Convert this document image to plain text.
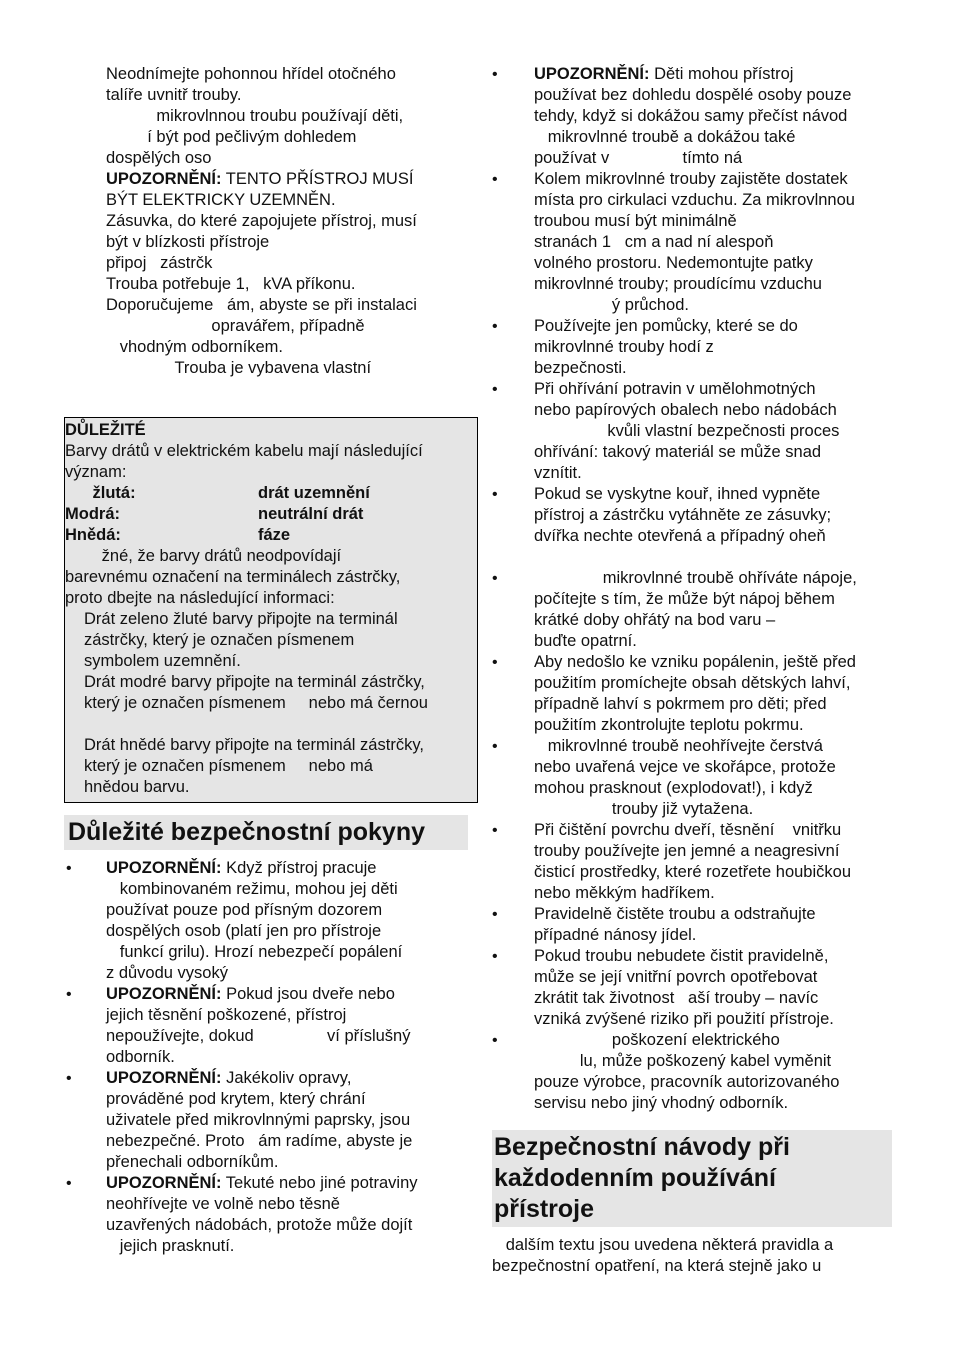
Neodnímejte pohonnou hřídel otočného
talíře uvnitř trouby.
mikrovlnnou troubu používají děti,
í být pod pečlivým dohledem
dospělých oso
UPOZORNĚNÍ: TENTO PŘÍSTROJ MUSÍ
BÝT ELEKTRICKY UZEMNĚN.
Zásuvka, do které zapojujete přístroj, musí
být v blízkosti přístroje
připoj   zástrčk
Trouba potřebuje 1,   kVA příkonu.
Doporučujeme   ám, abyste se při instalaci
opravářem, případně
vhodným odborníkem.
Trouba je vybavena vlastní
DŮLEŽITÉ
Barvy drátů v elektrickém kabelu mají následující
význam:
žlutá:	drát uzemnění
Modrá:	neutrální drát
Hnědá:	fáze
žné, že barvy drátů neodpovídají
barevnému označení na terminálech zástrčky,
proto dbejte na následující informaci:
Drát zeleno žluté barvy připojte na terminál
zástrčky, který je označen písmenem
symbolem uzemnění.
Drát modré barvy připojte na terminál zástrčky,
který je označen písmenem     nebo má černou

Drát hnědé barvy připojte na terminál zástrčky,
který je označen písmenem     nebo má
hnědou barvu.
Důležité bezpečnostní pokyny
• UPOZORNĚNÍ: Když přístroj pracuje
kombinovaném režimu, mohou jej děti
používat pouze pod přísným dozorem
dospělých osob (platí jen pro přístroje
funkcí grilu). Hrozí nebezpečí popálení
z důvodu vysoký
• UPOZORNĚNÍ: Pokud jsou dveře nebo
jejich těsnění poškozené, přístroj
nepoužívejte, dokud                ví příslušný
odborník.
• UPOZORNĚNÍ: Jakékoliv opravy,
prováděné pod krytem, který chrání
uživatele před mikrovlnnými paprsky, jsou
nebezpečné. Proto   ám radíme, abyste je
přenechali odborníkům.
• UPOZORNĚNÍ: Tekuté nebo jiné potraviny
neohřívejte ve volně nebo těsně
uzavřených nádobách, protože může dojít
jejich prasknutí.
• UPOZORNĚNÍ: Děti mohou přístroj
používat bez dohledu dospělé osoby pouze
tehdy, když si dokážou samy přečíst návod
mikrovlnné troubě a dokážou také
používat v                tímto ná
• Kolem mikrovlnné trouby zajistěte dostatek
místa pro cirkulaci vzduchu. Za mikrovlnnou
troubou musí být minimálně
stranách 1   cm a nad ní alespoň
volného prostoru. Nedemontujte patky
mikrovlnné trouby; proudícímu vzduchu
ý průchod.
• Používejte jen pomůcky, které se do
mikrovlnné trouby hodí z
bezpečnosti.
• Při ohřívání potravin v umělohmotných
nebo papírových obalech nebo nádobách
kvůli vlastní bezpečnosti proces
ohřívání: takový materiál se může snad
vznítit.
• Pokud se vyskytne kouř, ihned vypněte
přístroj a zástrčku vytáhněte ze zásuvky;
dvířka nechte otevřená a případný oheň

•                mikrovlnné troubě ohříváte nápoje,
počítejte s tím, že může být nápoj během
krátké doby ohřátý na bod varu –
buďte opatrní.
• Aby nedošlo ke vzniku popálenin, ještě před
použitím promíchejte obsah dětských lahví,
případně lahví s pokrmem pro děti; před
použitím zkontrolujte teplotu pokrmu.
•    mikrovlnné troubě neohřívejte čerstvá
nebo uvařená vejce ve skořápce, protože
mohou prasknout (explodovat!), i když
trouby již vytažena.
• Při čištění povrchu dveří, těsnění    vnitřku
trouby používejte jen jemné a neagresivní
čisticí prostředky, které rozetřete houbičkou
nebo měkkým hadříkem.
• Pravidelně čistěte troubu a odstraňujte
případné nánosy jídel.
• Pokud troubu nebudete čistit pravidelně,
může se její vnitřní povrch opotřebovat
zkrátit tak životnost   aší trouby – navíc
vzniká zvýšené riziko při použití přístroje.
•                  poškození elektrického
lu, může poškozený kabel vyměnit
pouze výrobce, pracovník autorizovaného
servisu nebo jiný vhodný odborník.
Bezpečnostní návody při
každodenním používání
přístroje
dalším textu jsou uvedena některá pravidla a
bezpečnostní opatření, na která stejně jako u
